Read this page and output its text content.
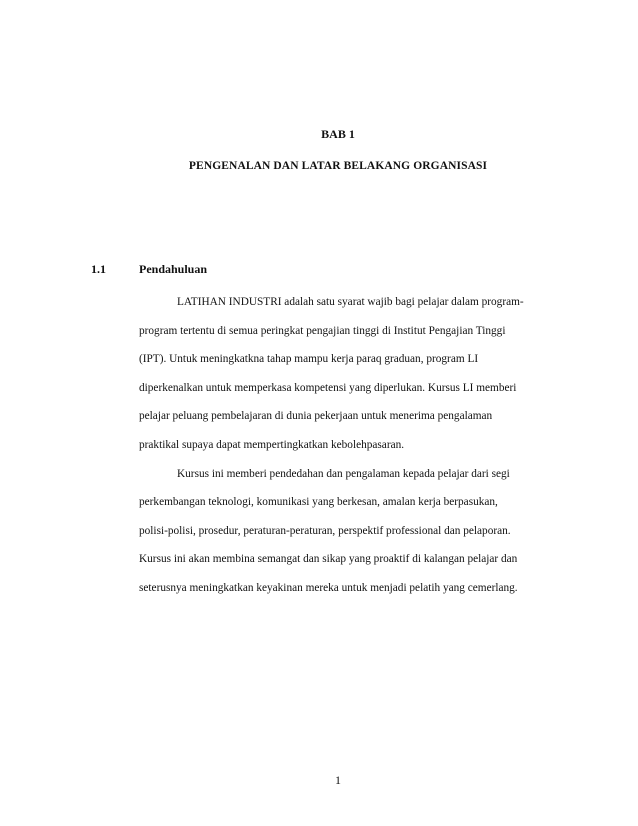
BAB 1
PENGENALAN DAN LATAR BELAKANG ORGANISASI
1.1	Pendahuluan
LATIHAN INDUSTRI adalah satu syarat wajib bagi pelajar dalam program-
program tertentu di semua peringkat pengajian tinggi di Institut Pengajian Tinggi
(IPT). Untuk meningkatkna tahap mampu kerja paraq graduan, program LI
diperkenalkan untuk memperkasa kompetensi yang diperlukan. Kursus LI memberi
pelajar peluang pembelajaran di dunia pekerjaan untuk menerima pengalaman
praktikal supaya dapat mempertingkatkan kebolehpasaran.
Kursus ini memberi pendedahan dan pengalaman kepada pelajar dari segi
perkembangan teknologi, komunikasi yang berkesan, amalan kerja berpasukan,
polisi-polisi, prosedur, peraturan-peraturan, perspektif professional dan pelaporan.
Kursus ini akan membina semangat dan sikap yang proaktif di kalangan pelajar dan
seterusnya meningkatkan keyakinan mereka untuk menjadi pelatih yang cemerlang.
1
